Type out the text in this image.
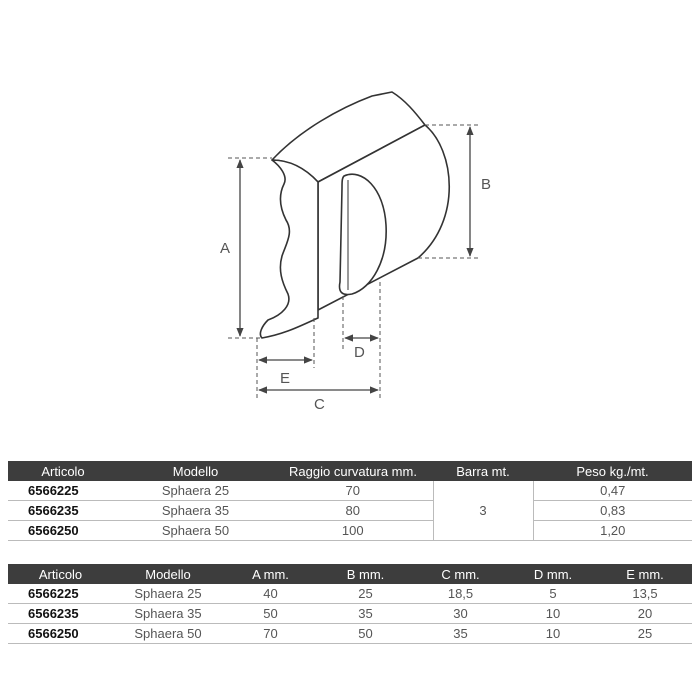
A
B
D
E
C
Articolo	Modello	Raggio curvatura mm.	Barra mt.	Peso kg./mt.
6566225	Sphaera 25	70	3	0,47
6566235	Sphaera 35	80		0,83
6566250	Sphaera 50	100		1,20
Articolo	Modello	A mm.	B mm.	C mm.	D mm.	E mm.
6566225	Sphaera 25	40	25	18,5	5	13,5
6566235	Sphaera 35	50	35	30	10	20
6566250	Sphaera 50	70	50	35	10	25
